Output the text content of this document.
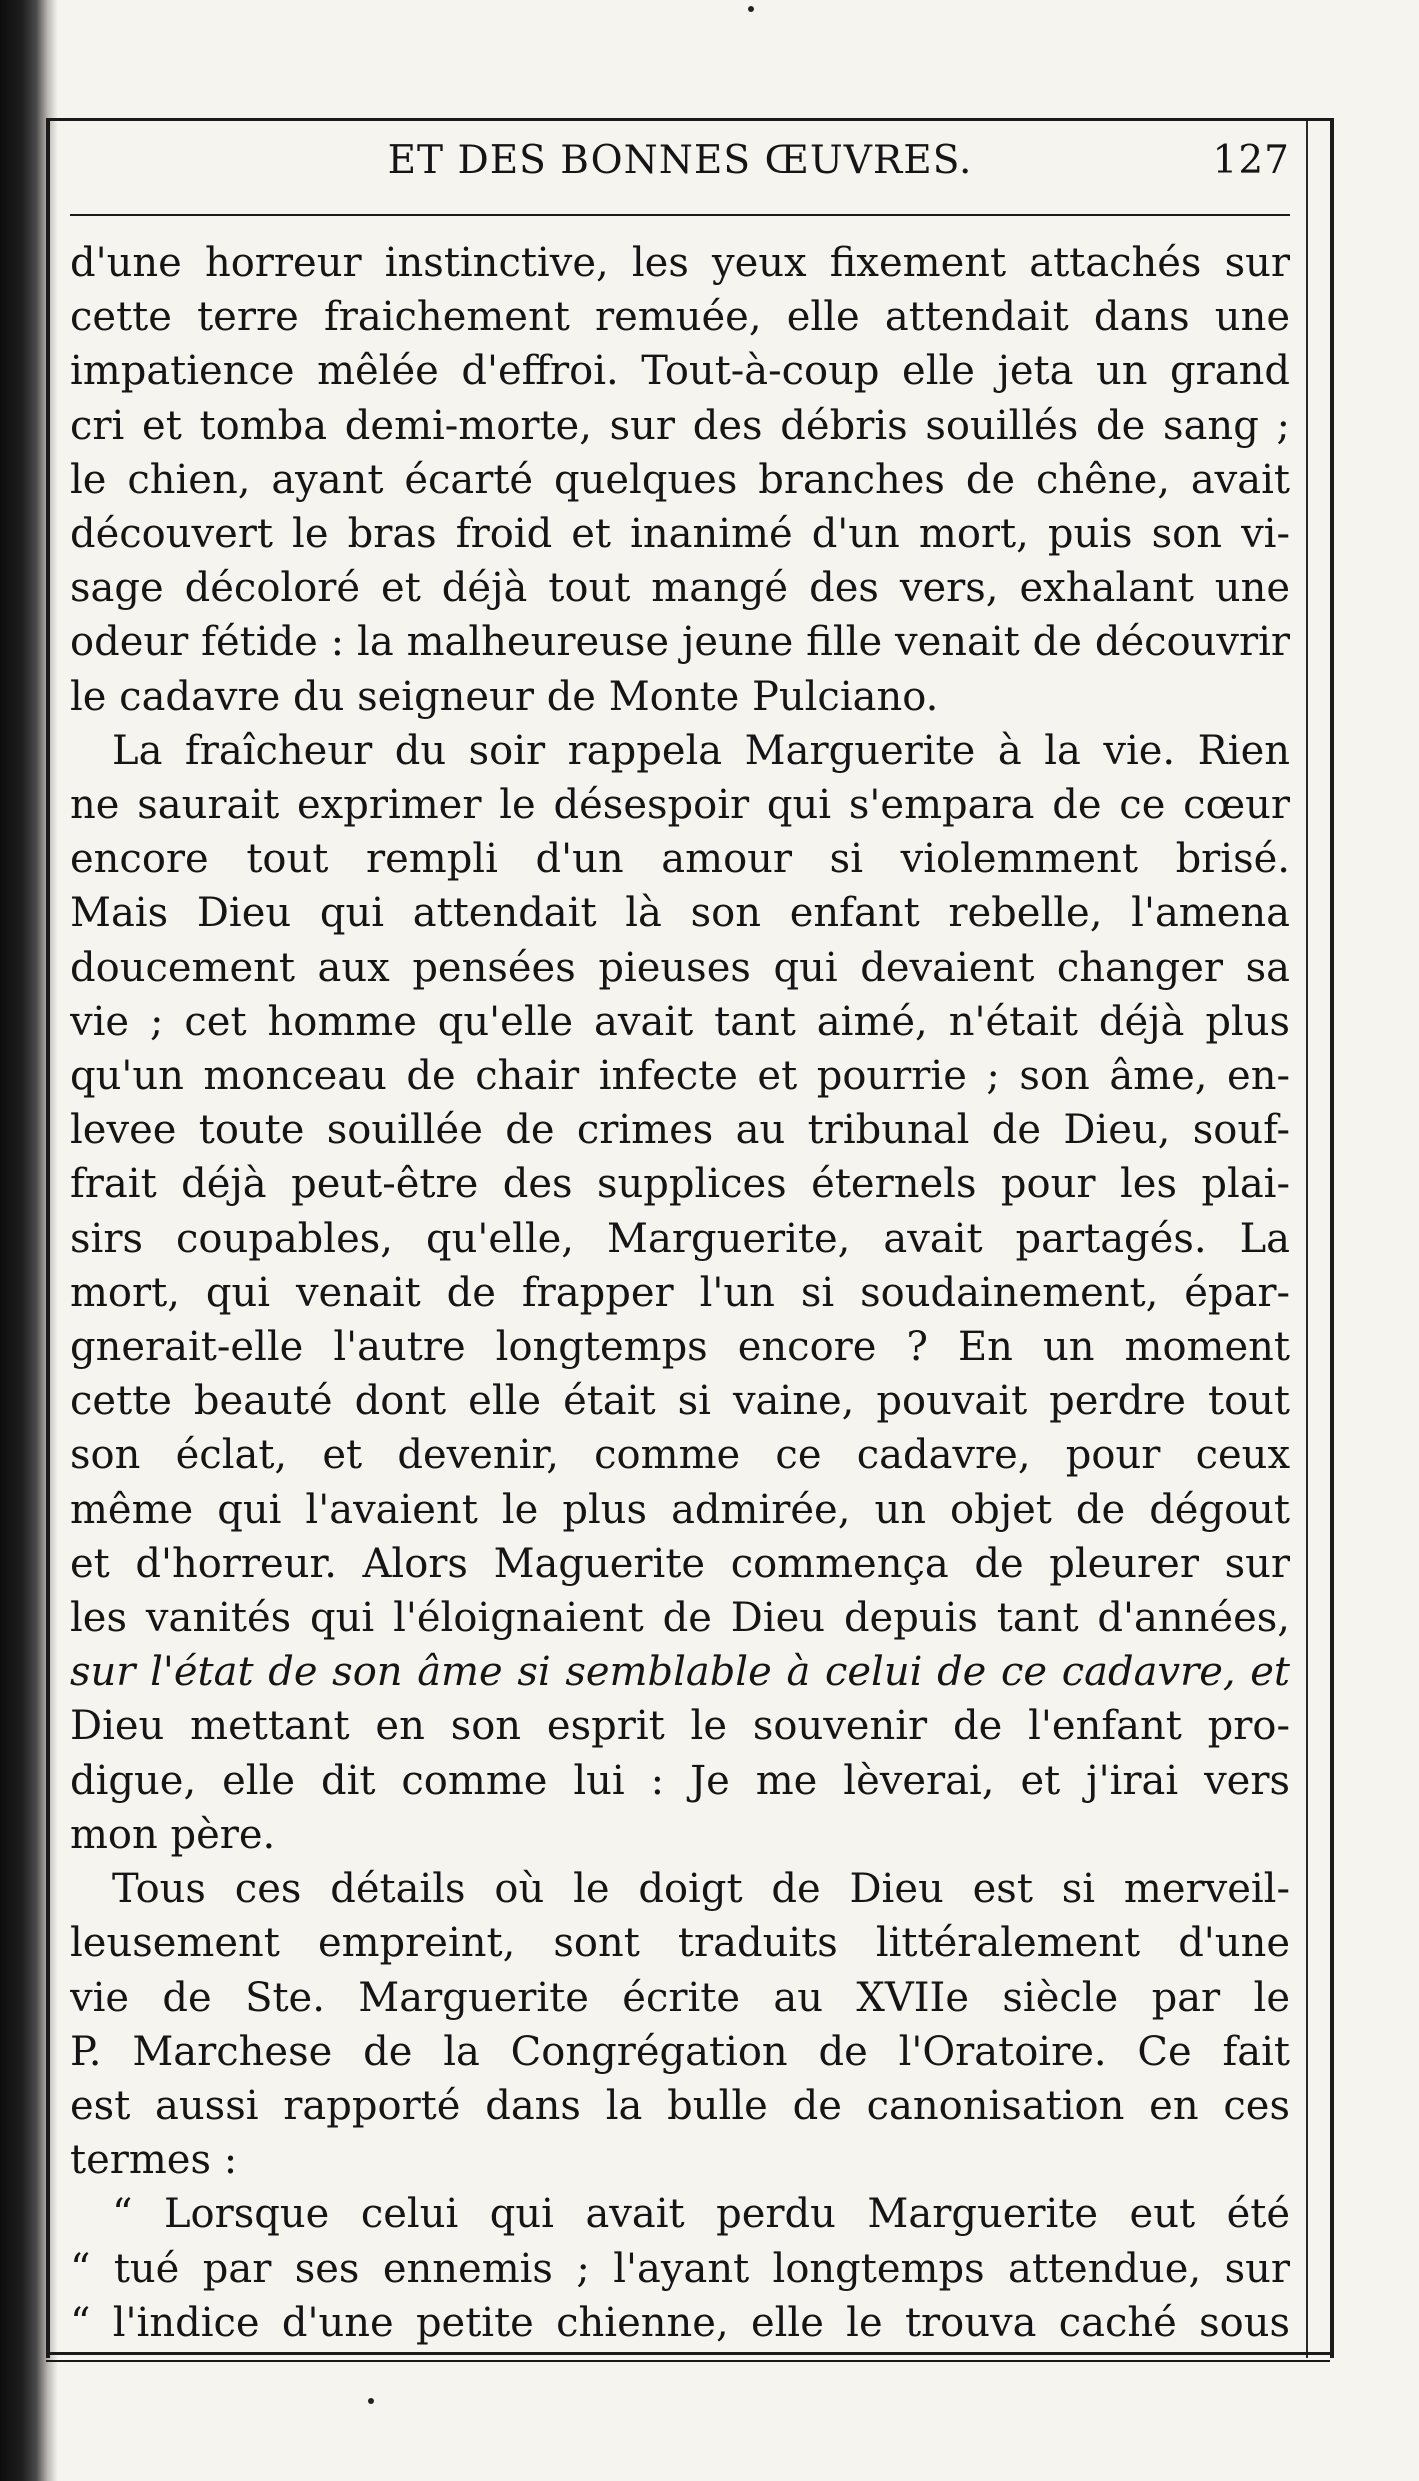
ET DES BONNES ŒUVRES.	127
d'une horreur instinctive, les yeux fixement attachés sur
cette terre fraichement remuée, elle attendait dans une
impatience mêlée d'effroi. Tout-à-coup elle jeta un grand
cri et tomba demi-morte, sur des débris souillés de sang ;
le chien, ayant écarté quelques branches de chêne, avait
découvert le bras froid et inanimé d'un mort, puis son vi-
sage décoloré et déjà tout mangé des vers, exhalant une
odeur fétide : la malheureuse jeune fille venait de découvrir
le cadavre du seigneur de Monte Pulciano.
La fraîcheur du soir rappela Marguerite à la vie. Rien
ne saurait exprimer le désespoir qui s'empara de ce cœur
encore tout rempli d'un amour si violemment brisé.
Mais Dieu qui attendait là son enfant rebelle, l'amena
doucement aux pensées pieuses qui devaient changer sa
vie ; cet homme qu'elle avait tant aimé, n'était déjà plus
qu'un monceau de chair infecte et pourrie ; son âme, en-
levee toute souillée de crimes au tribunal de Dieu, souf-
frait déjà peut-être des supplices éternels pour les plai-
sirs coupables, qu'elle, Marguerite, avait partagés. La
mort, qui venait de frapper l'un si soudainement, épar-
gnerait-elle l'autre longtemps encore ? En un moment
cette beauté dont elle était si vaine, pouvait perdre tout
son éclat, et devenir, comme ce cadavre, pour ceux
même qui l'avaient le plus admirée, un objet de dégout
et d'horreur. Alors Maguerite commença de pleurer sur
les vanités qui l'éloignaient de Dieu depuis tant d'années,
sur l'état de son âme si semblable à celui de ce cadavre, et
Dieu mettant en son esprit le souvenir de l'enfant pro-
digue, elle dit comme lui : Je me lèverai, et j'irai vers
mon père.
Tous ces détails où le doigt de Dieu est si merveil-
leusement empreint, sont traduits littéralement d'une
vie de Ste. Marguerite écrite au XVIIe siècle par le
P. Marchese de la Congrégation de l'Oratoire. Ce fait
est aussi rapporté dans la bulle de canonisation en ces
termes :
“ Lorsque celui qui avait perdu Marguerite eut été
“ tué par ses ennemis ; l'ayant longtemps attendue, sur
“ l'indice d'une petite chienne, elle le trouva caché sous
